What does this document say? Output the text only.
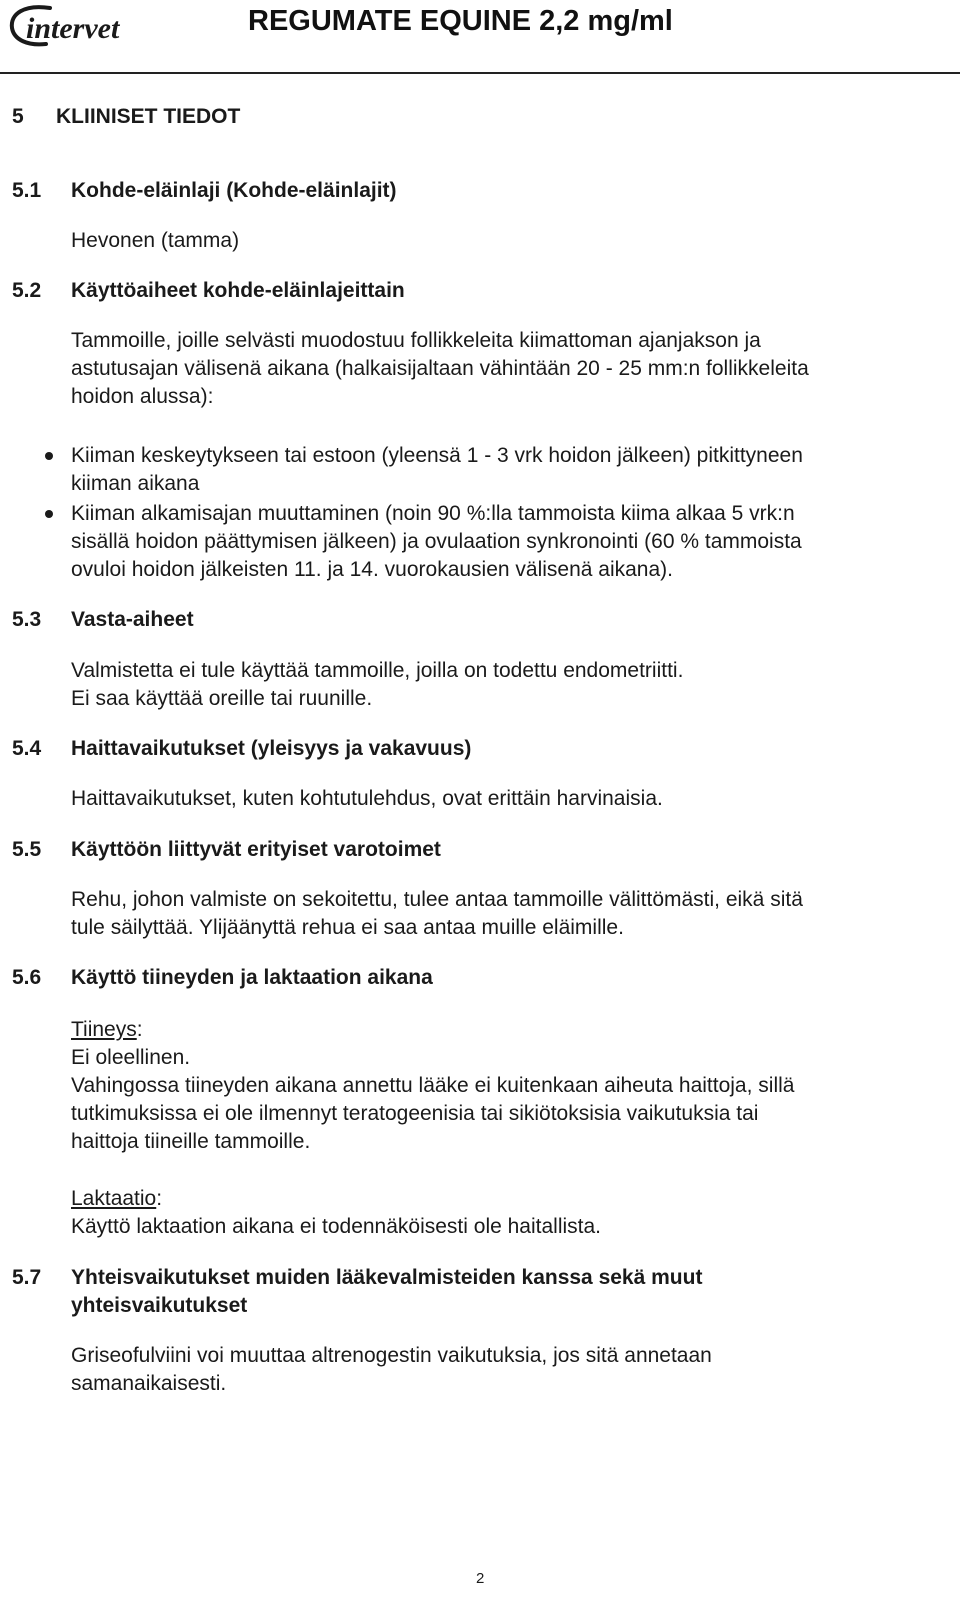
intervet	REGUMATE EQUINE 2,2 mg/ml
5 KLIINISET TIEDOT
5.1 Kohde-eläinlaji (Kohde-eläinlajit)
Hevonen (tamma)
5.2 Käyttöaiheet kohde-eläinlajeittain
Tammoille, joille selvästi muodostuu follikkeleita kiimattoman ajanjakson ja
astutusajan välisenä aikana (halkaisijaltaan vähintään 20 - 25 mm:n follikkeleita
hoidon alussa):
Kiiman keskeytykseen tai estoon (yleensä 1 - 3 vrk hoidon jälkeen) pitkittyneen
kiiman aikana
Kiiman alkamisajan muuttaminen (noin 90 %:lla tammoista kiima alkaa 5 vrk:n
sisällä hoidon päättymisen jälkeen) ja ovulaation synkronointi (60 % tammoista
ovuloi hoidon jälkeisten 11. ja 14. vuorokausien välisenä aikana).
5.3 Vasta-aiheet
Valmistetta ei tule käyttää tammoille, joilla on todettu endometriitti.
Ei saa käyttää oreille tai ruunille.
5.4 Haittavaikutukset (yleisyys ja vakavuus)
Haittavaikutukset, kuten kohtutulehdus, ovat erittäin harvinaisia.
5.5 Käyttöön liittyvät erityiset varotoimet
Rehu, johon valmiste on sekoitettu, tulee antaa tammoille välittömästi, eikä sitä
tule säilyttää. Ylijäänyttä rehua ei saa antaa muille eläimille.
5.6 Käyttö tiineyden ja laktaation aikana
Tiineys:
Ei oleellinen.
Vahingossa tiineyden aikana annettu lääke ei kuitenkaan aiheuta haittoja, sillä
tutkimuksissa ei ole ilmennyt teratogeenisia tai sikiötoksisia vaikutuksia tai
haittoja tiineille tammoille.
Laktaatio:
Käyttö laktaation aikana ei todennäköisesti ole haitallista.
5.7 Yhteisvaikutukset muiden lääkevalmisteiden kanssa sekä muut
yhteisvaikutukset
Griseofulviini voi muuttaa altrenogestin vaikutuksia, jos sitä annetaan
samanaikaisesti.
2
